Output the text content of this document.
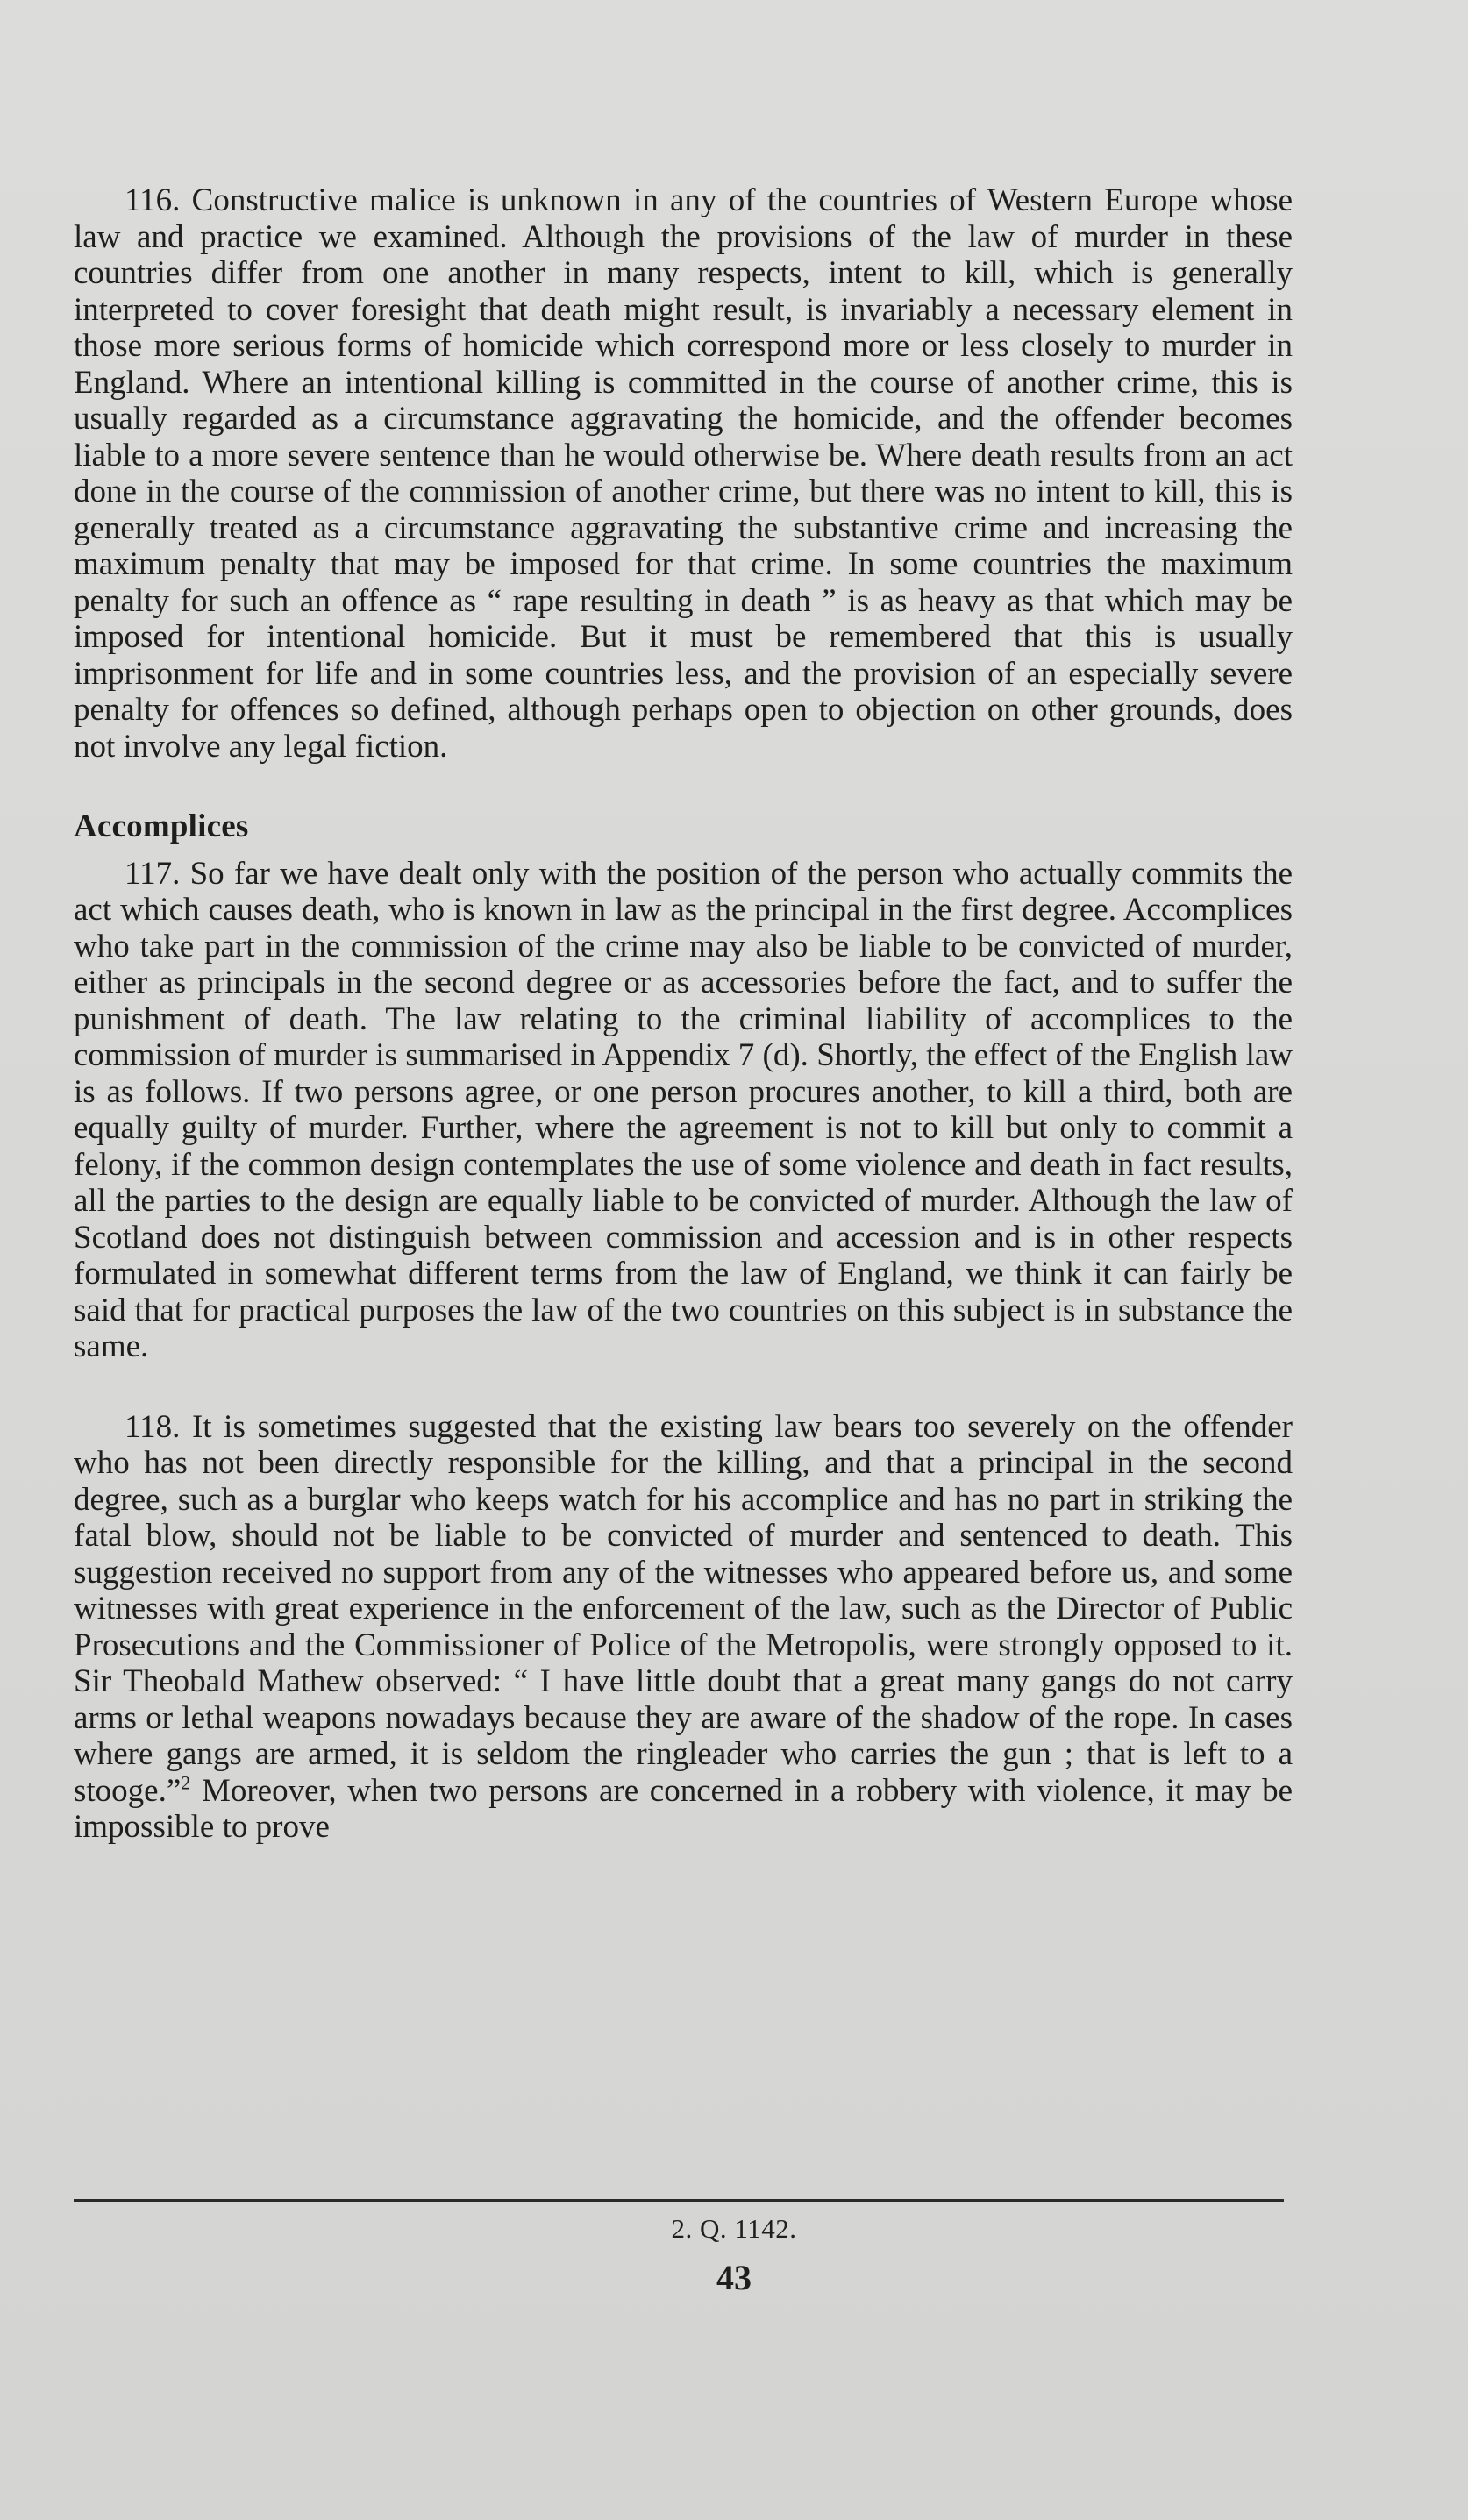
116. Constructive malice is unknown in any of the countries of Western Europe whose law and practice we examined. Although the provisions of the law of murder in these countries differ from one another in many respects, intent to kill, which is generally interpreted to cover foresight that death might result, is invariably a necessary element in those more serious forms of homicide which correspond more or less closely to murder in England. Where an intentional killing is committed in the course of another crime, this is usually regarded as a circumstance aggravating the homicide, and the offender becomes liable to a more severe sentence than he would otherwise be. Where death results from an act done in the course of the commission of another crime, but there was no intent to kill, this is generally treated as a circumstance aggravating the substantive crime and increasing the maximum penalty that may be imposed for that crime. In some countries the maximum penalty for such an offence as “ rape resulting in death ” is as heavy as that which may be imposed for intentional homicide. But it must be remembered that this is usually imprisonment for life and in some countries less, and the provision of an especially severe penalty for offences so defined, although perhaps open to objection on other grounds, does not involve any legal fiction.

Accomplices

117. So far we have dealt only with the position of the person who actually commits the act which causes death, who is known in law as the principal in the first degree. Accomplices who take part in the commission of the crime may also be liable to be convicted of murder, either as principals in the second degree or as accessories before the fact, and to suffer the punishment of death. The law relating to the criminal liability of accomplices to the commission of murder is summarised in Appendix 7 (d). Shortly, the effect of the English law is as follows. If two persons agree, or one person procures another, to kill a third, both are equally guilty of murder. Further, where the agreement is not to kill but only to commit a felony, if the common design contemplates the use of some violence and death in fact results, all the parties to the design are equally liable to be convicted of murder. Although the law of Scotland does not distinguish between commission and accession and is in other respects formulated in somewhat different terms from the law of England, we think it can fairly be said that for practical purposes the law of the two countries on this subject is in substance the same.

118. It is sometimes suggested that the existing law bears too severely on the offender who has not been directly responsible for the killing, and that a principal in the second degree, such as a burglar who keeps watch for his accomplice and has no part in striking the fatal blow, should not be liable to be convicted of murder and sentenced to death. This suggestion received no support from any of the witnesses who appeared before us, and some witnesses with great experience in the enforcement of the law, such as the Director of Public Prosecutions and the Commissioner of Police of the Metropolis, were strongly opposed to it. Sir Theobald Mathew observed: “ I have little doubt that a great many gangs do not carry arms or lethal weapons nowadays because they are aware of the shadow of the rope. In cases where gangs are armed, it is seldom the ringleader who carries the gun ; that is left to a stooge.”$^2$ Moreover, when two persons are concerned in a robbery with violence, it may be impossible to prove

2. Q. 1142.
43
